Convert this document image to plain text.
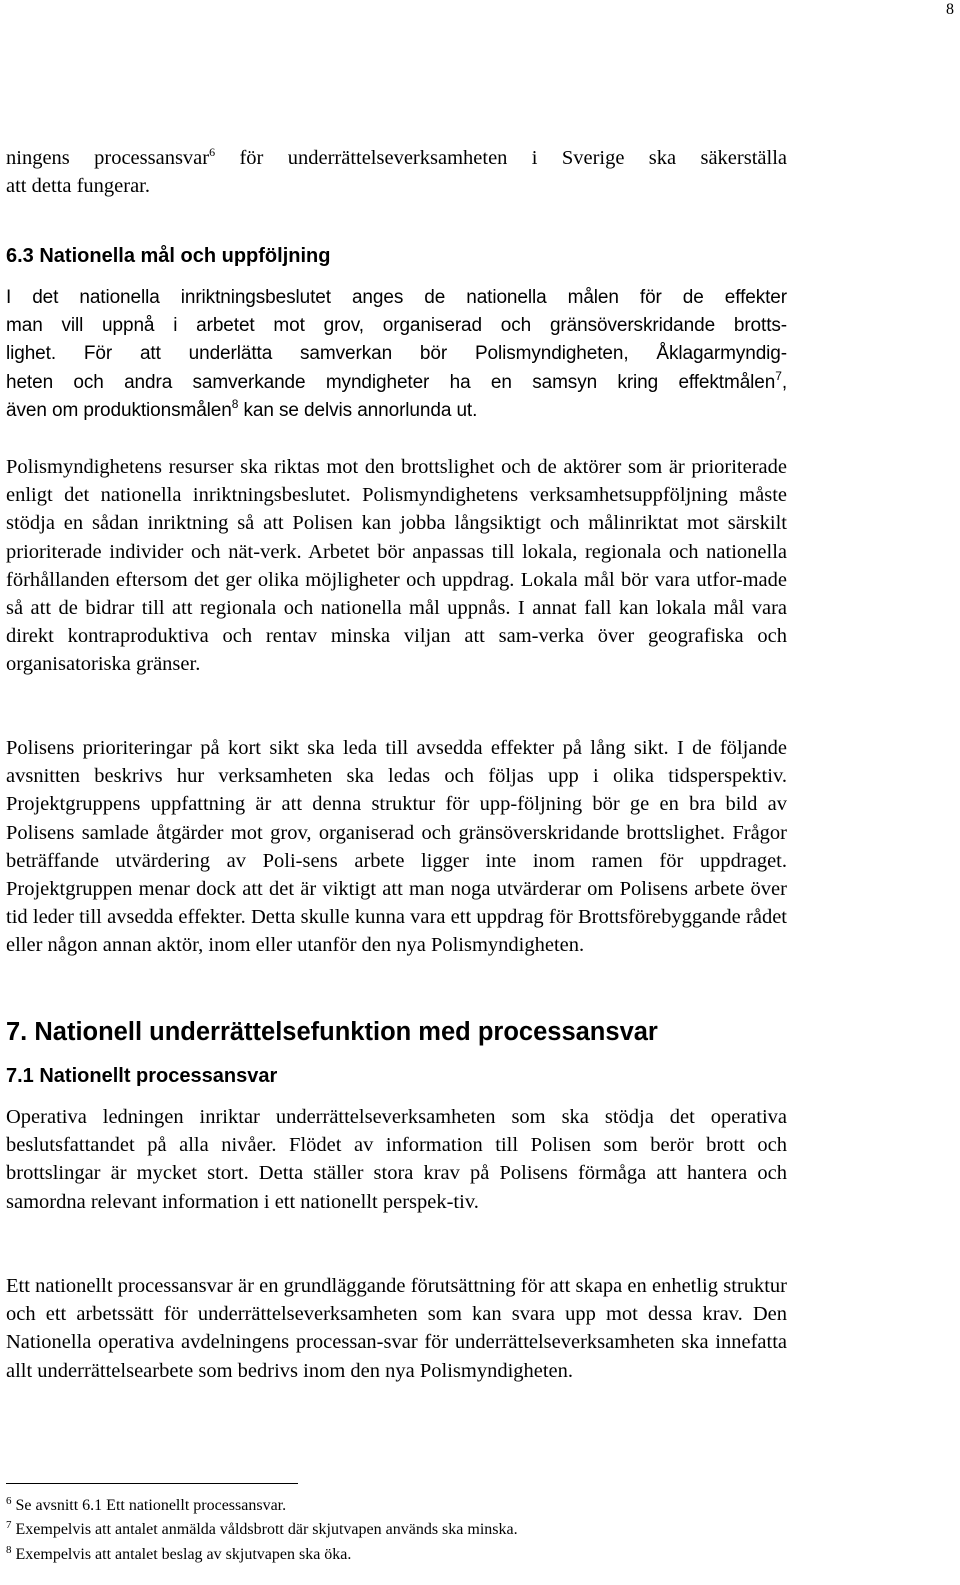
8
ningens processansvar$^6$ för underrättelseverksamheten i Sverige ska säkerställa
att detta fungerar.
6.3 Nationella mål och uppföljning
I det nationella inriktningsbeslutet anges de nationella målen för de effekter
man vill uppnå i arbetet mot grov, organiserad och gränsöverskridande brotts-
lighet. För att underlätta samverkan bör Polismyndigheten, Åklagarmyndig-
heten och andra samverkande myndigheter ha en samsyn kring effektmålen$^7$,
även om produktionsmålen$^8$ kan se delvis annorlunda ut.

Polismyndighetens resurser ska riktas mot den brottslighet och de aktörer som är prioriterade enligt det nationella inriktningsbeslutet. Polismyndighetens verksamhetsuppföljning måste stödja en sådan inriktning så att Polisen kan jobba långsiktigt och målinriktat mot särskilt prioriterade individer och nät-verk. Arbetet bör anpassas till lokala, regionala och nationella förhållanden eftersom det ger olika möjligheter och uppdrag. Lokala mål bör vara utfor-made så att de bidrar till att regionala och nationella mål uppnås. I annat fall kan lokala mål vara direkt kontraproduktiva och rentav minska viljan att sam-verka över geografiska och organisatoriska gränser.

Polisens prioriteringar på kort sikt ska leda till avsedda effekter på lång sikt. I de följande avsnitten beskrivs hur verksamheten ska ledas och följas upp i olika tidsperspektiv. Projektgruppens uppfattning är att denna struktur för upp-följning bör ge en bra bild av Polisens samlade åtgärder mot grov, organiserad och gränsöverskridande brottslighet. Frågor beträffande utvärdering av Poli-sens arbete ligger inte inom ramen för uppdraget. Projektgruppen menar dock att det är viktigt att man noga utvärderar om Polisens arbete över tid leder till avsedda effekter. Detta skulle kunna vara ett uppdrag för Brottsförebyggande rådet eller någon annan aktör, inom eller utanför den nya Polismyndigheten.

7. Nationell underrättelsefunktion med processansvar
7.1 Nationellt processansvar

Operativa ledningen inriktar underrättelseverksamheten som ska stödja det operativa beslutsfattandet på alla nivåer. Flödet av information till Polisen som berör brott och brottslingar är mycket stort. Detta ställer stora krav på Polisens förmåga att hantera och samordna relevant information i ett nationellt perspek-tiv.

Ett nationellt processansvar är en grundläggande förutsättning för att skapa en enhetlig struktur och ett arbetssätt för underrättelseverksamheten som kan svara upp mot dessa krav. Den Nationella operativa avdelningens processan-svar för underrättelseverksamheten ska innefatta allt underrättelsearbete som bedrivs inom den nya Polismyndigheten.

$^6$ Se avsnitt 6.1 Ett nationellt processansvar.
$^7$ Exempelvis att antalet anmälda våldsbrott där skjutvapen används ska minska.
$^8$ Exempelvis att antalet beslag av skjutvapen ska öka.
